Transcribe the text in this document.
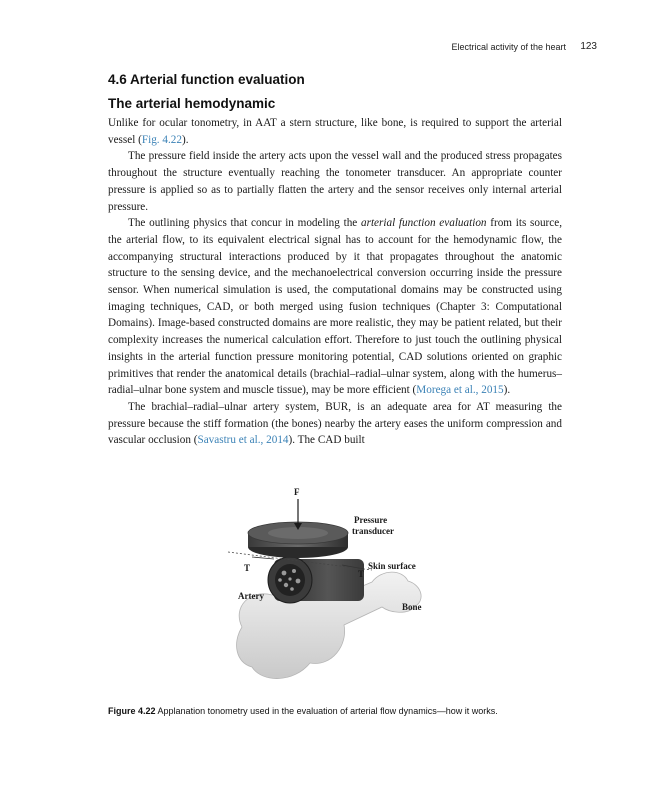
Electrical activity of the heart 123
4.6 Arterial function evaluation
The arterial hemodynamic

Unlike for ocular tonometry, in AAT a stern structure, like bone, is required to support the arterial vessel (Fig. 4.22).

The pressure field inside the artery acts upon the vessel wall and the produced stress propagates throughout the structure eventually reaching the tonometer transducer. An appropriate counter pressure is applied so as to partially flatten the artery and the sensor receives only internal arterial pressure.

The outlining physics that concur in modeling the arterial function evaluation from its source, the arterial flow, to its equivalent electrical signal has to account for the hemodynamic flow, the accompanying structural interactions produced by it that propagates throughout the anatomic structure to the sensing device, and the mechanoelectrical conversion occurring inside the pressure sensor. When numerical simulation is used, the computational domains may be constructed using imaging techniques, CAD, or both merged using fusion techniques (Chapter 3: Computational Domains). Image-based constructed domains are more realistic, they may be patient related, but their complexity increases the numerical calculation effort. Therefore to just touch the outlining physical insights in the arterial function pressure monitoring potential, CAD solutions oriented on graphic primitives that render the anatomical details (brachial–radial–ulnar system, along with the humerus–radial–ulnar bone system and muscle tissue), may be more efficient (Morega et al., 2015).

The brachial–radial–ulnar artery system, BUR, is an adequate area for AT measuring the pressure because the stiff formation (the bones) nearby the artery eases the uniform compression and vascular occlusion (Savastru et al., 2014). The CAD built

F
Pressure
transducer
Skin surface
T
T
Artery
Bone
Figure 4.22 Applanation tonometry used in the evaluation of arterial flow dynamics—how it works.
